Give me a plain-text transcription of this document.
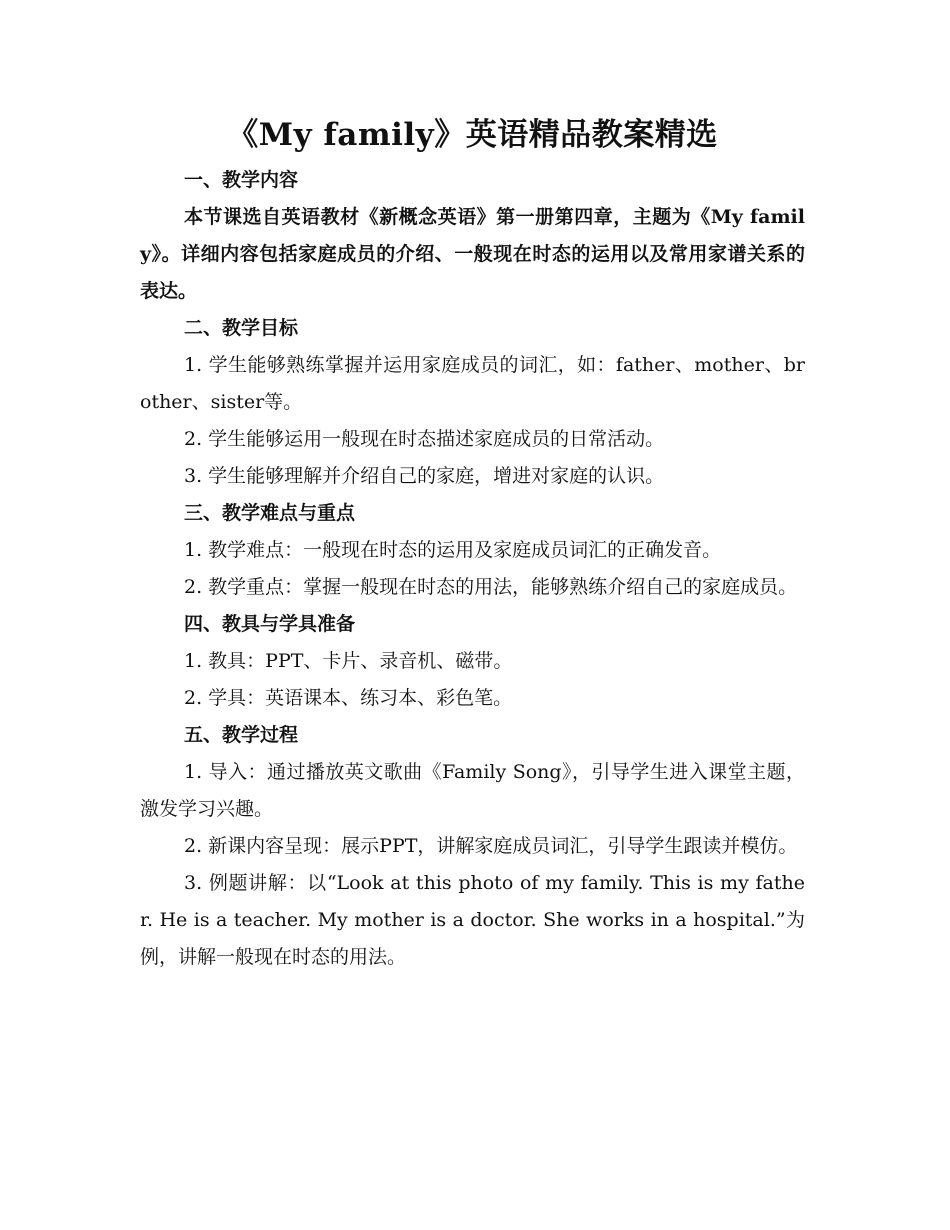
《My family》英语精品教案精选

一、教学内容

本节课选自英语教材《新概念英语》第一册第四章，主题为《My family》。详细内容包括家庭成员的介绍、一般现在时态的运用以及常用家谱关系的表达。

二、教学目标

1. 学生能够熟练掌握并运用家庭成员的词汇，如：father、mother、brother、sister等。

2. 学生能够运用一般现在时态描述家庭成员的日常活动。

3. 学生能够理解并介绍自己的家庭，增进对家庭的认识。

三、教学难点与重点

1. 教学难点：一般现在时态的运用及家庭成员词汇的正确发音。

2. 教学重点：掌握一般现在时态的用法，能够熟练介绍自己的家庭成员。

四、教具与学具准备

1. 教具：PPT、卡片、录音机、磁带。

2. 学具：英语课本、练习本、彩色笔。

五、教学过程

1. 导入：通过播放英文歌曲《Family Song》，引导学生进入课堂主题，激发学习兴趣。

2. 新课内容呈现：展示PPT，讲解家庭成员词汇，引导学生跟读并模仿。

3. 例题讲解：以“Look at this photo of my family. This is my father. He is a teacher. My mother is a doctor. She works in a hospital.”为例，讲解一般现在时态的用法。
